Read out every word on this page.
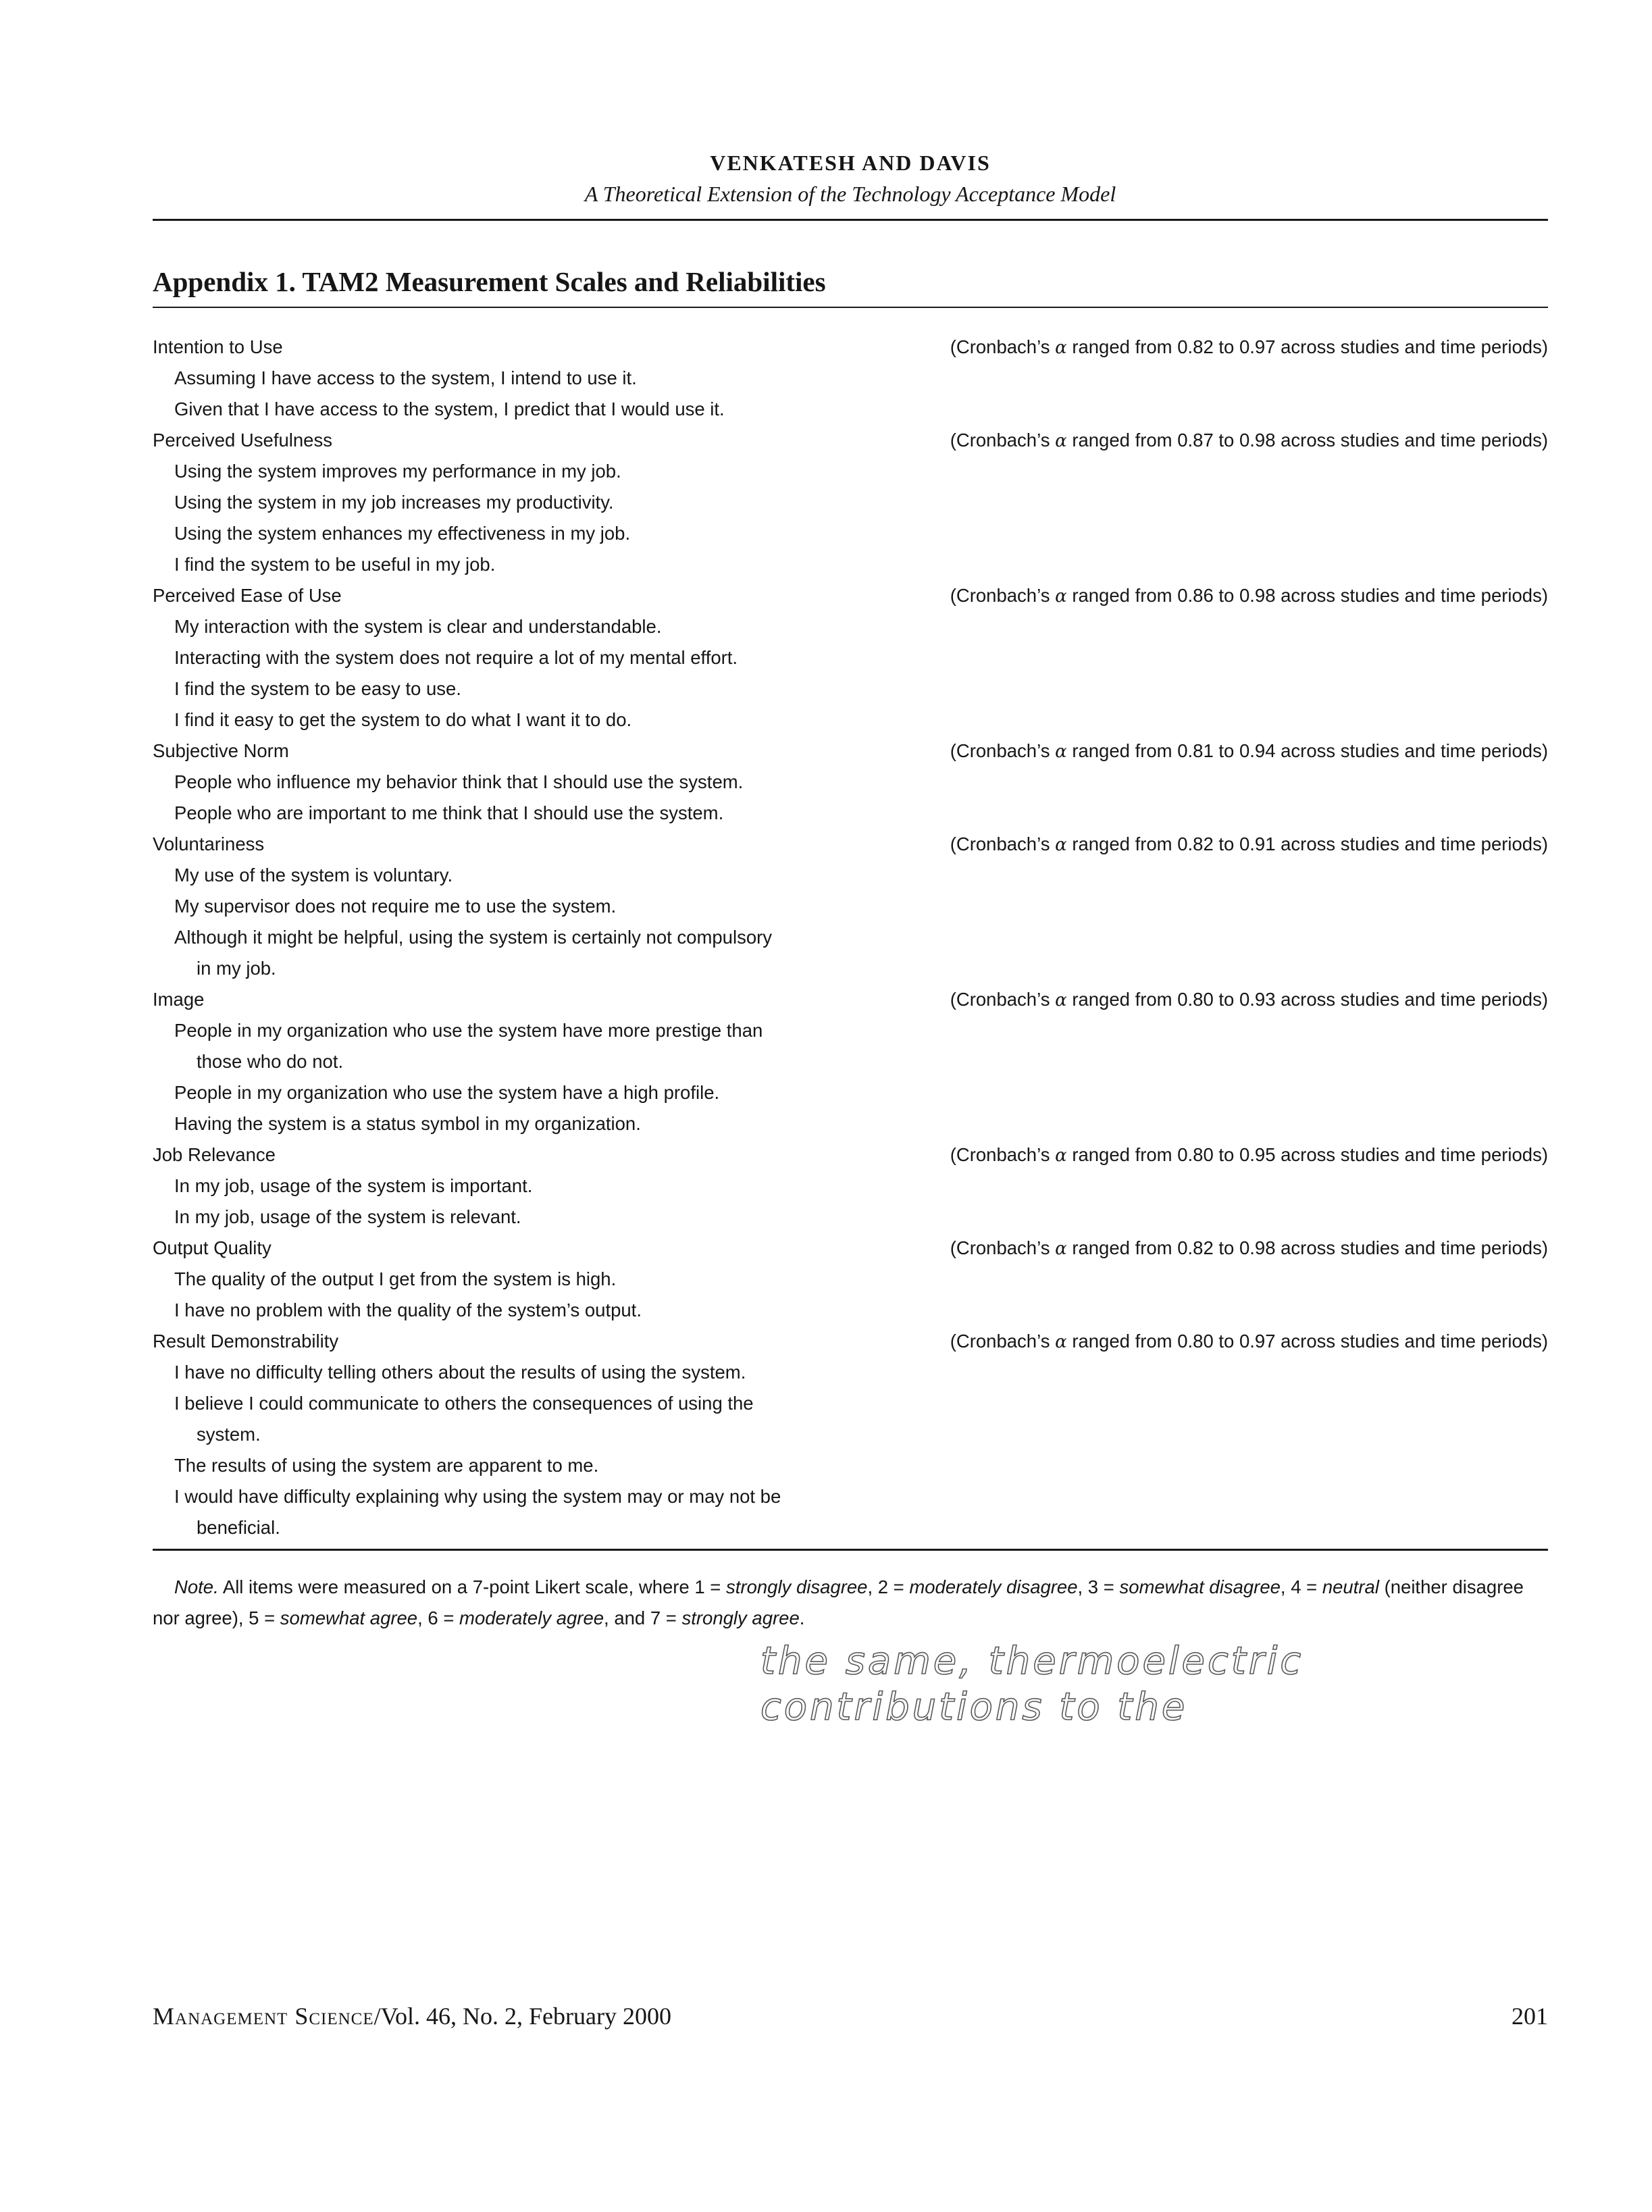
VENKATESH AND DAVIS
A Theoretical Extension of the Technology Acceptance Model
Appendix 1. TAM2 Measurement Scales and Reliabilities
Intention to Use	(Cronbach’s α ranged from 0.82 to 0.97 across studies and time periods)
Assuming I have access to the system, I intend to use it.
Given that I have access to the system, I predict that I would use it.
Perceived Usefulness	(Cronbach’s α ranged from 0.87 to 0.98 across studies and time periods)
Using the system improves my performance in my job.
Using the system in my job increases my productivity.
Using the system enhances my effectiveness in my job.
I find the system to be useful in my job.
Perceived Ease of Use	(Cronbach’s α ranged from 0.86 to 0.98 across studies and time periods)
My interaction with the system is clear and understandable.
Interacting with the system does not require a lot of my mental effort.
I find the system to be easy to use.
I find it easy to get the system to do what I want it to do.
Subjective Norm	(Cronbach’s α ranged from 0.81 to 0.94 across studies and time periods)
People who influence my behavior think that I should use the system.
People who are important to me think that I should use the system.
Voluntariness	(Cronbach’s α ranged from 0.82 to 0.91 across studies and time periods)
My use of the system is voluntary.
My supervisor does not require me to use the system.
Although it might be helpful, using the system is certainly not compulsory
in my job.
Image	(Cronbach’s α ranged from 0.80 to 0.93 across studies and time periods)
People in my organization who use the system have more prestige than
those who do not.
People in my organization who use the system have a high profile.
Having the system is a status symbol in my organization.
Job Relevance	(Cronbach’s α ranged from 0.80 to 0.95 across studies and time periods)
In my job, usage of the system is important.
In my job, usage of the system is relevant.
Output Quality	(Cronbach’s α ranged from 0.82 to 0.98 across studies and time periods)
The quality of the output I get from the system is high.
I have no problem with the quality of the system’s output.
Result Demonstrability	(Cronbach’s α ranged from 0.80 to 0.97 across studies and time periods)
I have no difficulty telling others about the results of using the system.
I believe I could communicate to others the consequences of using the
system.
The results of using the system are apparent to me.
I would have difficulty explaining why using the system may or may not be
beneficial.
Note. All items were measured on a 7-point Likert scale, where 1 = strongly disagree, 2 = moderately disagree, 3 = somewhat disagree, 4 = neutral (neither disagree nor agree), 5 = somewhat agree, 6 = moderately agree, and 7 = strongly agree.
the same, thermoelectric
contributions to the
Management Science/Vol. 46, No. 2, February 2000	201
